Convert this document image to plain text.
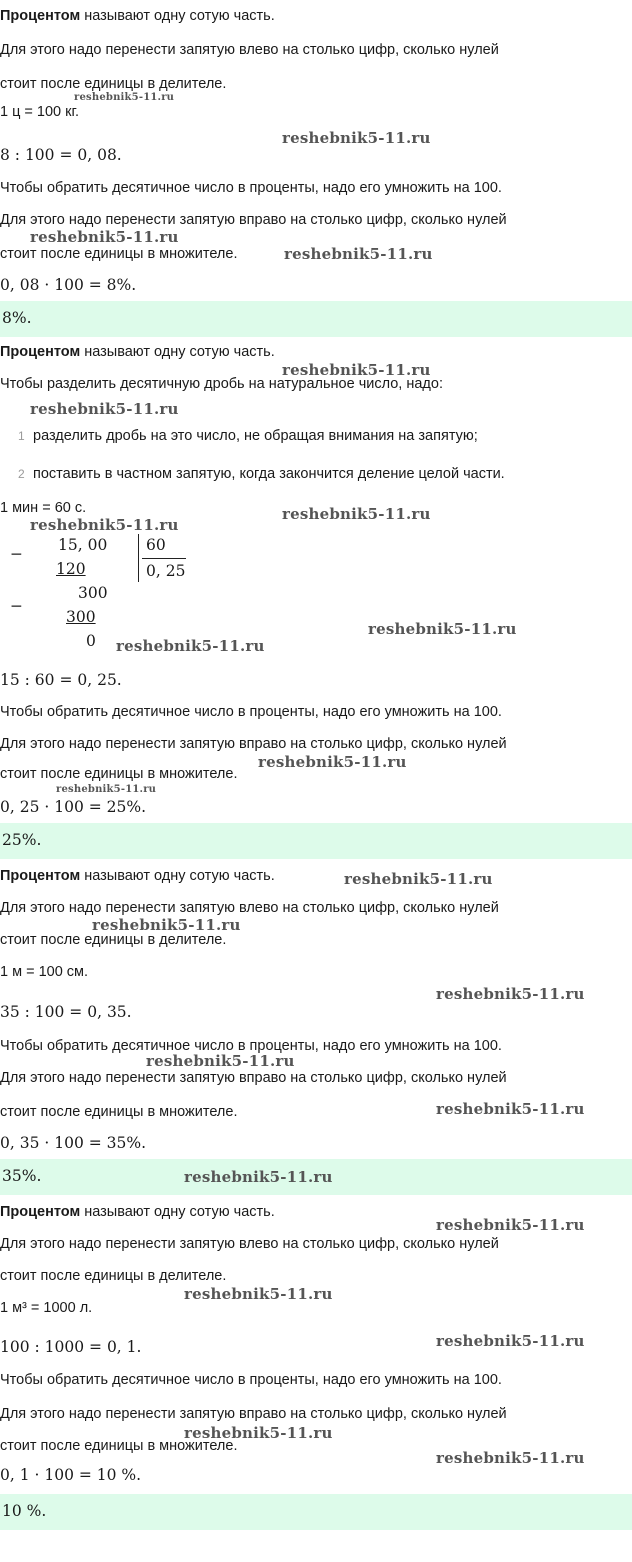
Процентом называют одну сотую часть.
Для этого надо перенести запятую влево на столько цифр, сколько нулей
стоит после единицы в делителе.
1 ц = 100 кг.
8 : 100 = 0, 08.
Чтобы обратить десятичное число в проценты, надо его умножить на 100.
Для этого надо перенести запятую вправо на столько цифр, сколько нулей
стоит после единицы в множителе.
0, 08 · 100 = 8%.
8%.
Процентом называют одну сотую часть.
Чтобы разделить десятичную дробь на натуральное число, надо:
1 разделить дробь на это число, не обращая внимания на запятую;
2 поставить в частном запятую, когда закончится деление целой части.
1 мин = 60 с.
− 15, 00 60
0, 25
120
−
300
300
0
15 : 60 = 0, 25.
Чтобы обратить десятичное число в проценты, надо его умножить на 100.
Для этого надо перенести запятую вправо на столько цифр, сколько нулей
стоит после единицы в множителе.
0, 25 · 100 = 25%.
25%.
Процентом называют одну сотую часть.
Для этого надо перенести запятую влево на столько цифр, сколько нулей
стоит после единицы в делителе.
1 м = 100 см.
35 : 100 = 0, 35.
Чтобы обратить десятичное число в проценты, надо его умножить на 100.
Для этого надо перенести запятую вправо на столько цифр, сколько нулей
стоит после единицы в множителе.
0, 35 · 100 = 35%.
35%.
Процентом называют одну сотую часть.
Для этого надо перенести запятую влево на столько цифр, сколько нулей
стоит после единицы в делителе.
1 м³ = 1000 л.
100 : 1000 = 0, 1.
Чтобы обратить десятичное число в проценты, надо его умножить на 100.
Для этого надо перенести запятую вправо на столько цифр, сколько нулей
стоит после единицы в множителе.
0, 1 · 100 = 10 %.
10 %.
reshebnik5-11.ru
reshebnik5-11.ru
reshebnik5-11.ru
reshebnik5-11.ru
reshebnik5-11.ru
reshebnik5-11.ru
reshebnik5-11.ru
reshebnik5-11.ru
reshebnik5-11.ru
reshebnik5-11.ru
reshebnik5-11.ru
reshebnik5-11.ru
reshebnik5-11.ru
reshebnik5-11.ru
reshebnik5-11.ru
reshebnik5-11.ru
reshebnik5-11.ru
reshebnik5-11.ru
reshebnik5-11.ru
reshebnik5-11.ru
reshebnik5-11.ru
reshebnik5-11.ru
reshebnik5-11.ru
